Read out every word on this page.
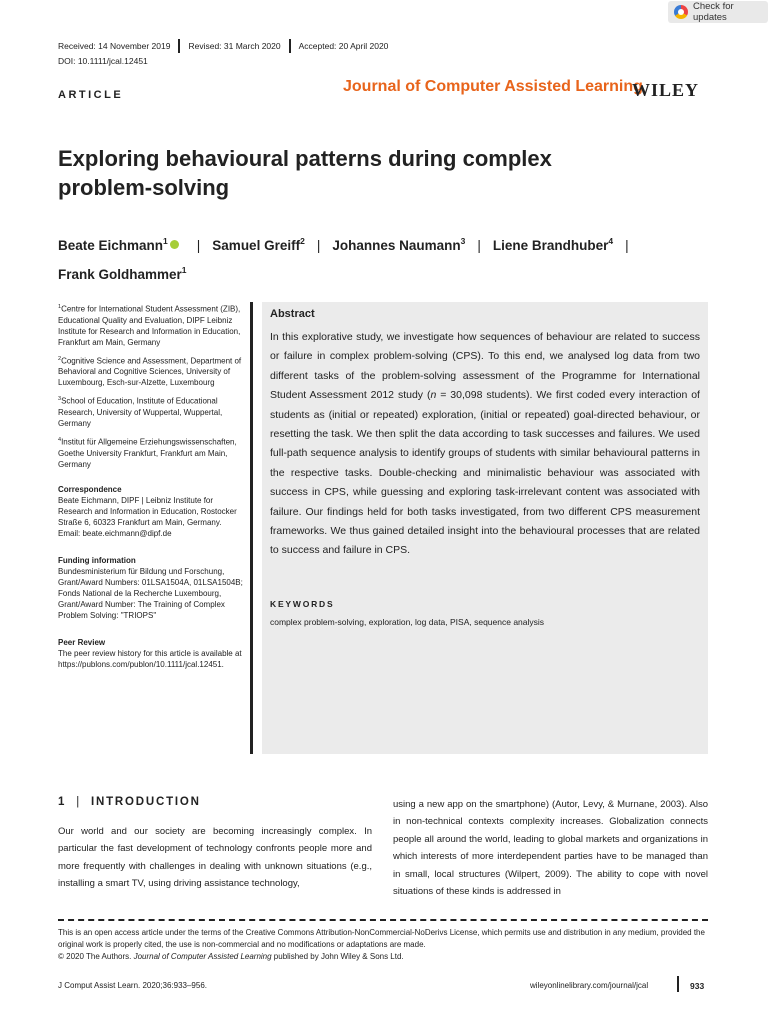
Check for updates
Received: 14 November 2019 Revised: 31 March 2020 Accepted: 20 April 2020
DOI: 10.1111/jcal.12451
ARTICLE	Journal of Computer Assisted Learning
WILEY
Exploring behavioural patterns during complex problem-solving
Beate Eichmann$^1$ | Samuel Greiff$^2$ | Johannes Naumann$^3$ | Liene Brandhuber$^4$ |
Frank Goldhammer$^1$
$^1$Centre for International Student Assessment (ZIB), Educational Quality and Evaluation, DIPF Leibniz Institute for Research and Information in Education, Frankfurt am Main, Germany
$^2$Cognitive Science and Assessment, Department of Behavioral and Cognitive Sciences, University of Luxembourg, Esch-sur-Alzette, Luxembourg
$^3$School of Education, Institute of Educational Research, University of Wuppertal, Wuppertal, Germany
$^4$Institut für Allgemeine Erziehungswissenschaften, Goethe University Frankfurt, Frankfurt am Main, Germany
Correspondence
Beate Eichmann, DIPF | Leibniz Institute for Research and Information in Education, Rostocker Straße 6, 60323 Frankfurt am Main, Germany.
Email: beate.eichmann@dipf.de
Funding information
Bundesministerium für Bildung und Forschung, Grant/Award Numbers: 01LSA1504A, 01LSA1504B; Fonds National de la Recherche Luxembourg, Grant/Award Number: The Training of Complex Problem Solving: "TRIOPS"
Peer Review
The peer review history for this article is available at https://publons.com/publon/10.1111/jcal.12451.
Abstract
In this explorative study, we investigate how sequences of behaviour are related to success or failure in complex problem-solving (CPS). To this end, we analysed log data from two different tasks of the problem-solving assessment of the Programme for International Student Assessment 2012 study (n = 30,098 students). We first coded every interaction of students as (initial or repeated) exploration, (initial or repeated) goal-directed behaviour, or resetting the task. We then split the data according to task successes and failures. We used full-path sequence analysis to identify groups of students with similar behavioural patterns in the respective tasks. Double-checking and minimalistic behaviour was associated with success in CPS, while guessing and exploring task-irrelevant content was associated with failure. Our findings held for both tasks investigated, from two different CPS measurement frameworks. We thus gained detailed insight into the behavioural processes that are related to success and failure in CPS.
KEYWORDS
complex problem-solving, exploration, log data, PISA, sequence analysis
1 | INTRODUCTION
Our world and our society are becoming increasingly complex. In particular the fast development of technology confronts people more and more frequently with challenges in dealing with unknown situations (e.g., installing a smart TV, using driving assistance technology,
using a new app on the smartphone) (Autor, Levy, & Murnane, 2003). Also in non-technical contexts complexity increases. Globalization connects people all around the world, leading to global markets and organizations in which interests of more interdependent parties have to be managed than in small, local structures (Wilpert, 2009). The ability to cope with novel situations of these kinds is addressed in
This is an open access article under the terms of the Creative Commons Attribution-NonCommercial-NoDerivs License, which permits use and distribution in any medium, provided the original work is properly cited, the use is non-commercial and no modifications or adaptations are made.
© 2020 The Authors. Journal of Computer Assisted Learning published by John Wiley & Sons Ltd.
J Comput Assist Learn. 2020;36:933–956.	wileyonlinelibrary.com/journal/jcal	933
